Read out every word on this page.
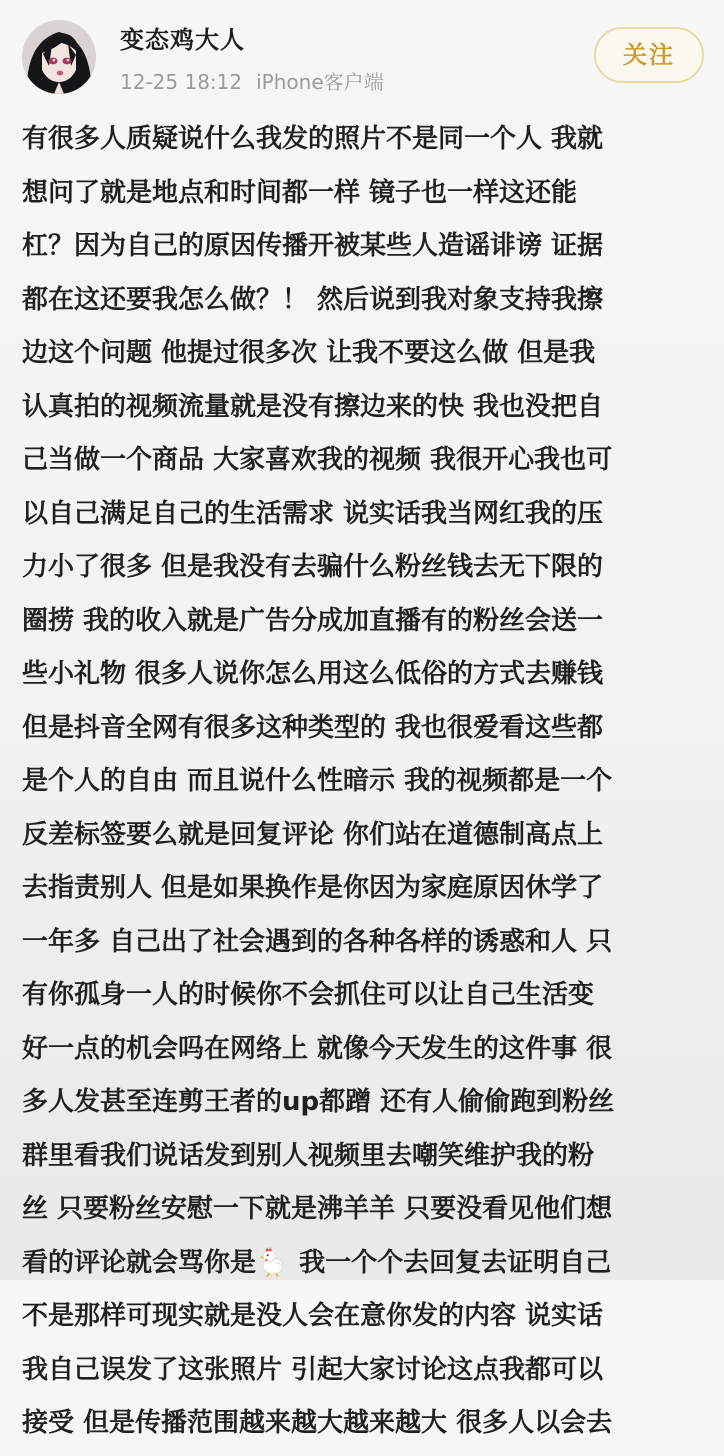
变态鸡大人
12-25 18:12 iPhone客户端
关注
有很多人质疑说什么我发的照片不是同一个人 我就
想问了就是地点和时间都一样 镜子也一样这还能
杠？因为自己的原因传播开被某些人造谣诽谤 证据
都在这还要我怎么做？！ 然后说到我对象支持我擦
边这个问题 他提过很多次 让我不要这么做 但是我
认真拍的视频流量就是没有擦边来的快 我也没把自
己当做一个商品 大家喜欢我的视频 我很开心我也可
以自己满足自己的生活需求 说实话我当网红我的压
力小了很多 但是我没有去骗什么粉丝钱去无下限的
圈捞 我的收入就是广告分成加直播有的粉丝会送一
些小礼物 很多人说你怎么用这么低俗的方式去赚钱
但是抖音全网有很多这种类型的 我也很爱看这些都
是个人的自由 而且说什么性暗示 我的视频都是一个
反差标签要么就是回复评论 你们站在道德制高点上
去指责别人 但是如果换作是你因为家庭原因休学了
一年多 自己出了社会遇到的各种各样的诱惑和人 只
有你孤身一人的时候你不会抓住可以让自己生活变
好一点的机会吗在网络上 就像今天发生的这件事 很
多人发甚至连剪王者的up都蹭 还有人偷偷跑到粉丝
群里看我们说话发到别人视频里去嘲笑维护我的粉
丝 只要粉丝安慰一下就是沸羊羊 只要没看见他们想
看的评论就会骂你是 我一个个去回复去证明自己
不是那样可现实就是没人会在意你发的内容 说实话
我自己误发了这张照片 引起大家讨论这点我都可以
接受 但是传播范围越来越大越来越大 很多人以会去
